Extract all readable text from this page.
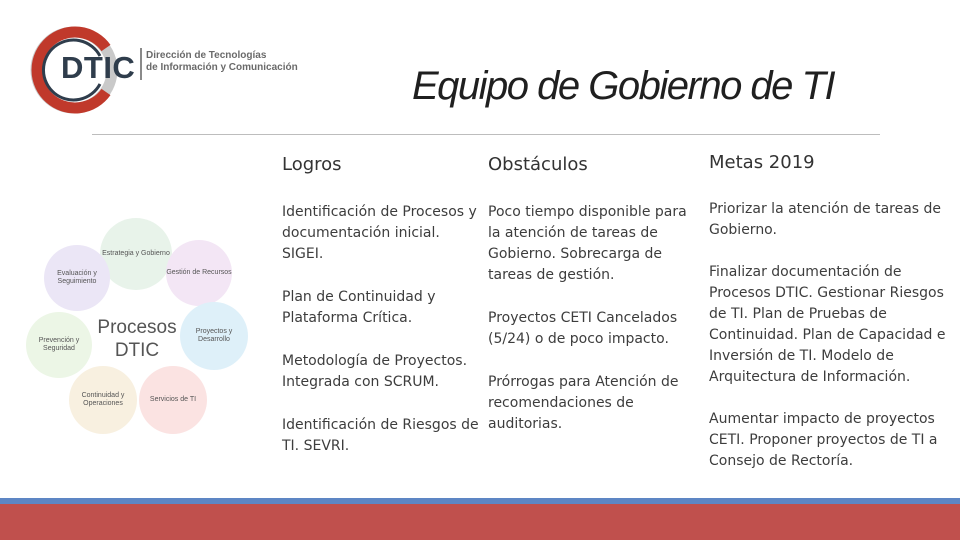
DTIC Dirección de Tecnologías
de Información y Comunicación	Equipo de Gobierno de TI
Estrategia y Gobierno
Gestión de Recursos
Proyectos y Desarrollo
Servicios de TI
Continuidad y Operaciones
Prevención y Seguridad
Evaluación y Seguimiento
Procesos
DTIC
Logros

Identificación de Procesos y documentación inicial. SIGEI.

Plan de Continuidad y Plataforma Crítica.

Metodología de Proyectos. Integrada con SCRUM.

Identificación de Riesgos de TI. SEVRI.

Obstáculos

Poco tiempo disponible para la atención de tareas de Gobierno. Sobrecarga de tareas de gestión.

Proyectos CETI Cancelados (5/24) o de poco impacto.

Prórrogas para Atención de recomendaciones de auditorias.

Metas 2019

Priorizar la atención de tareas de Gobierno.

Finalizar documentación de Procesos DTIC. Gestionar Riesgos de TI. Plan de Pruebas de Continuidad. Plan de Capacidad e Inversión de TI. Modelo de Arquitectura de Información.

Aumentar impacto de proyectos CETI. Proponer proyectos de TI a Consejo de Rectoría.
